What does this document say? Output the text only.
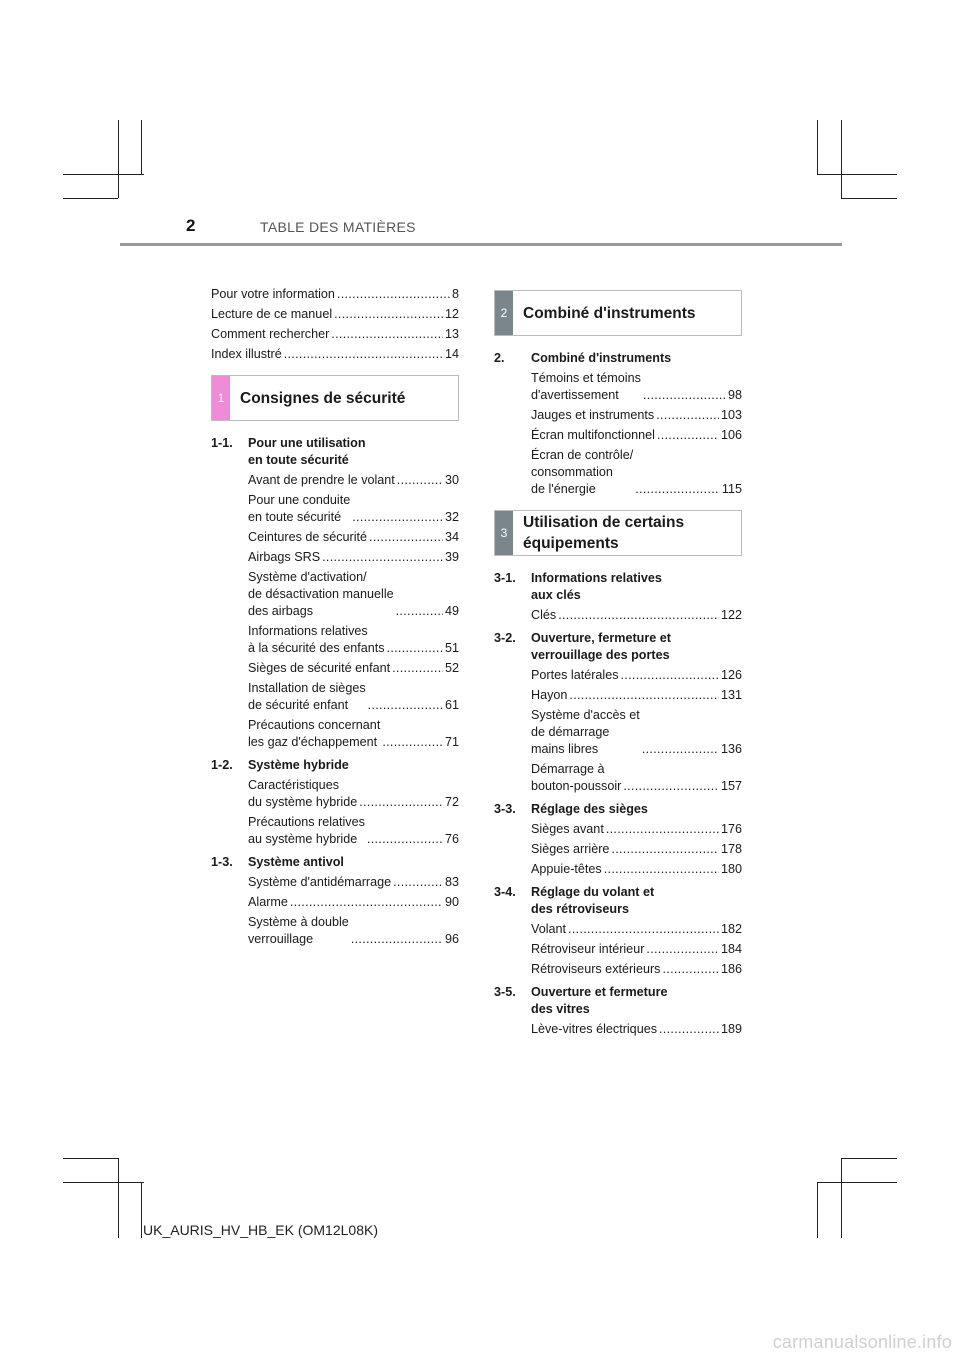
2	TABLE DES MATIÈRES
Pour votre information .....	8
Lecture de ce manuel .....	12
Comment rechercher .....	13
Index illustré .....	14
1	Consignes de sécurité
1-1.	Pour une utilisation
en toute sécurité
Avant de prendre le volant .....	30
Pour une conduite
en toute sécurité .....	32
Ceintures de sécurité .....	34
Airbags SRS .....	39
Système d'activation/
de désactivation manuelle
des airbags .....	49
Informations relatives
à la sécurité des enfants .....	51
Sièges de sécurité enfant .....	52
Installation de sièges
de sécurité enfant .....	61
Précautions concernant
les gaz d'échappement .....	71
1-2.	Système hybride
Caractéristiques
du système hybride .....	72
Précautions relatives
au système hybride .....	76
1-3.	Système antivol
Système d'antidémarrage .....	83
Alarme .....	90
Système à double
verrouillage .....	96
2	Combiné d'instruments
2.	Combiné d'instruments
Témoins et témoins
d'avertissement .....	98
Jauges et instruments .....	103
Écran multifonctionnel .....	106
Écran de contrôle/
consommation
de l'énergie .....	115
3
Utilisation de certains
équipements
3-1.	Informations relatives
aux clés
Clés .....	122
3-2.	Ouverture, fermeture et
verrouillage des portes
Portes latérales .....	126
Hayon .....	131
Système d'accès et
de démarrage
mains libres .....	136
Démarrage à
bouton-poussoir .....	157
3-3.	Réglage des sièges
Sièges avant .....	176
Sièges arrière .....	178
Appuie-têtes .....	180
3-4.	Réglage du volant et
des rétroviseurs
Volant .....	182
Rétroviseur intérieur .....	184
Rétroviseurs extérieurs .....	186
3-5.	Ouverture et fermeture
des vitres
Lève-vitres électriques .....	189
UK_AURIS_HV_HB_EK (OM12L08K)
carmanualsonline.info
